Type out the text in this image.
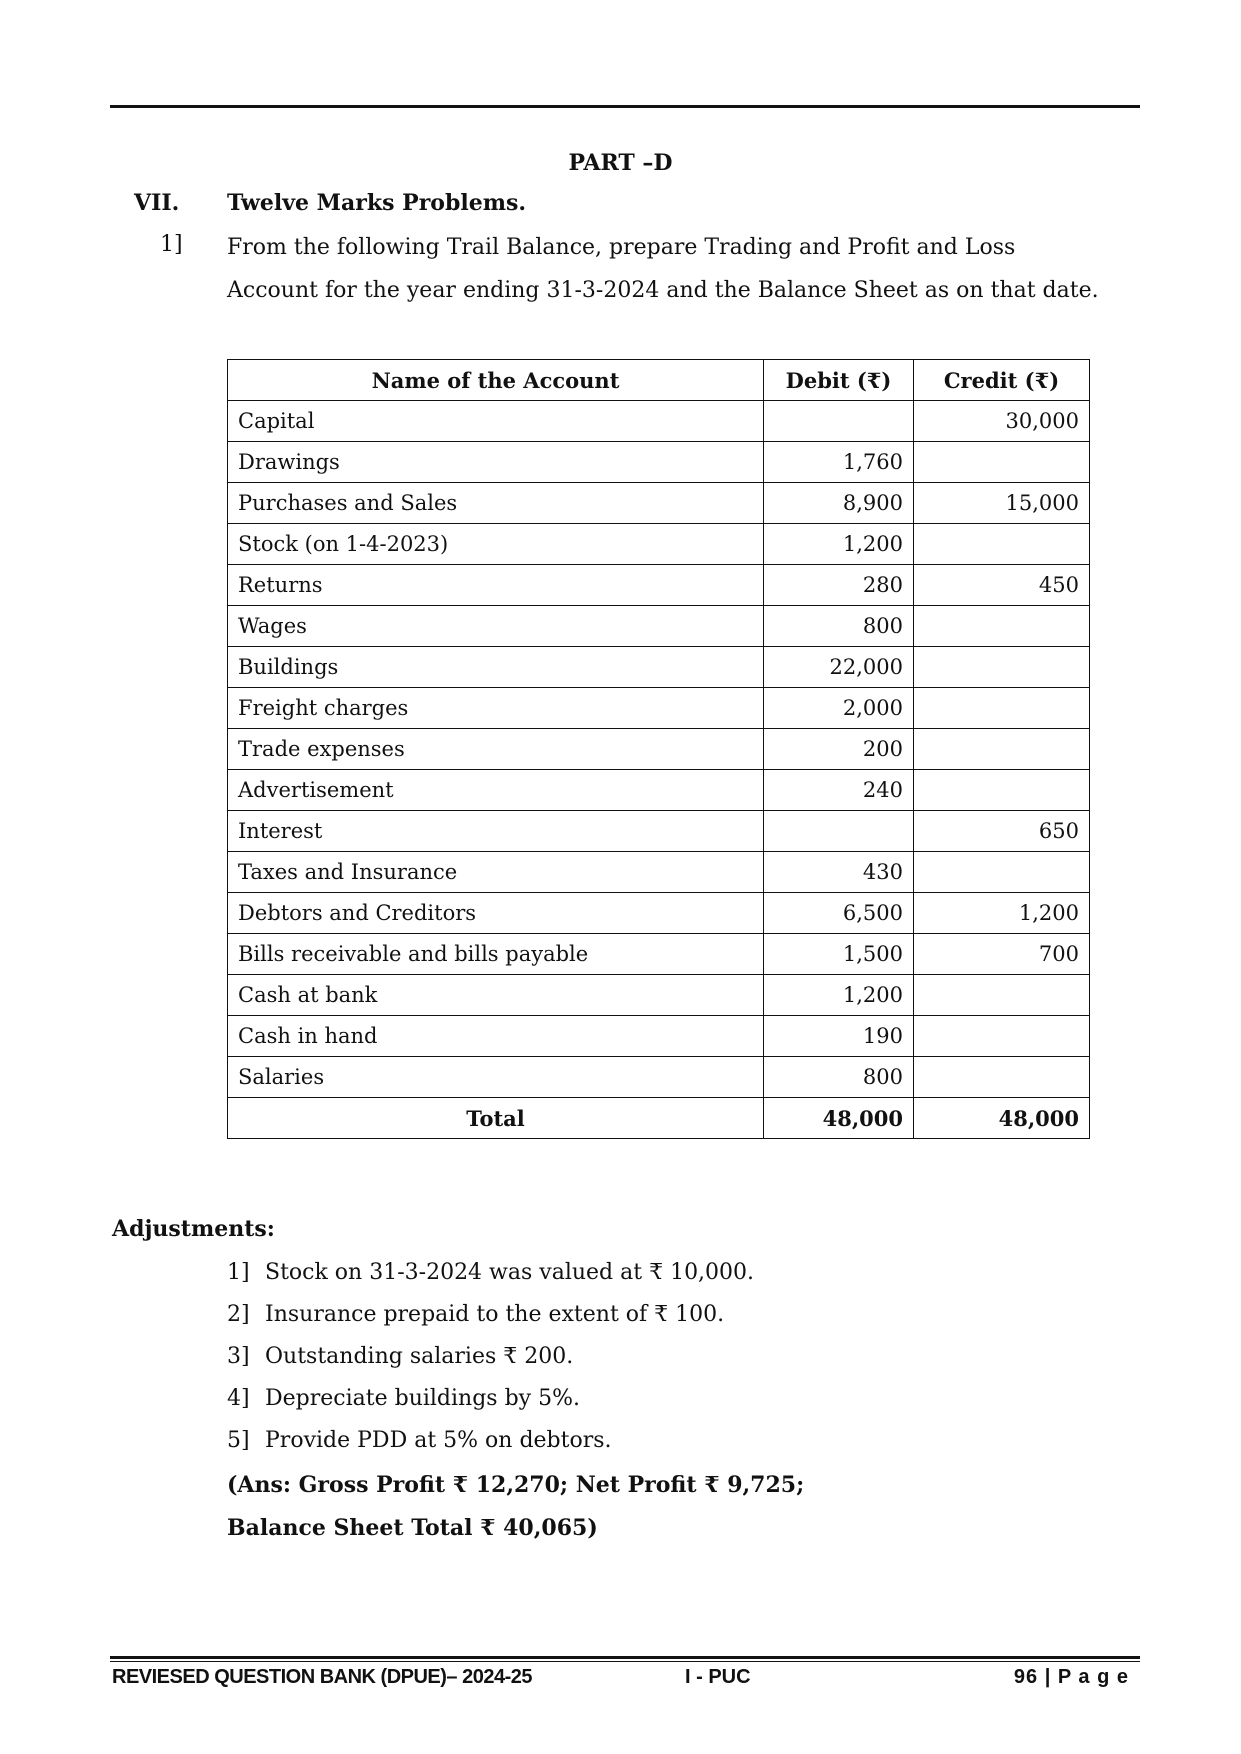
PART –D
VII. Twelve Marks Problems.
1] From the following Trail Balance, prepare Trading and Profit and Loss Account for the year ending 31-3-2024 and the Balance Sheet as on that date.
Name of the Account	Debit (₹)	Credit (₹)
Capital		30,000
Drawings	1,760	
Purchases and Sales	8,900	15,000
Stock (on 1-4-2023)	1,200	
Returns	280	450
Wages	800	
Buildings	22,000	
Freight charges	2,000	
Trade expenses	200	
Advertisement	240	
Interest		650
Taxes and Insurance	430	
Debtors and Creditors	6,500	1,200
Bills receivable and bills payable	1,500	700
Cash at bank	1,200	
Cash in hand	190	
Salaries	800	
Total	48,000	48,000
Adjustments:
1] Stock on 31-3-2024 was valued at ₹ 10,000.
2] Insurance prepaid to the extent of ₹ 100.
3] Outstanding salaries ₹ 200.
4] Depreciate buildings by 5%.
5] Provide PDD at 5% on debtors.
(Ans: Gross Profit ₹ 12,270; Net Profit ₹ 9,725;
Balance Sheet Total ₹ 40,065)
REVIESED QUESTION BANK (DPUE)– 2024-25	I - PUC	96 | P a g e
